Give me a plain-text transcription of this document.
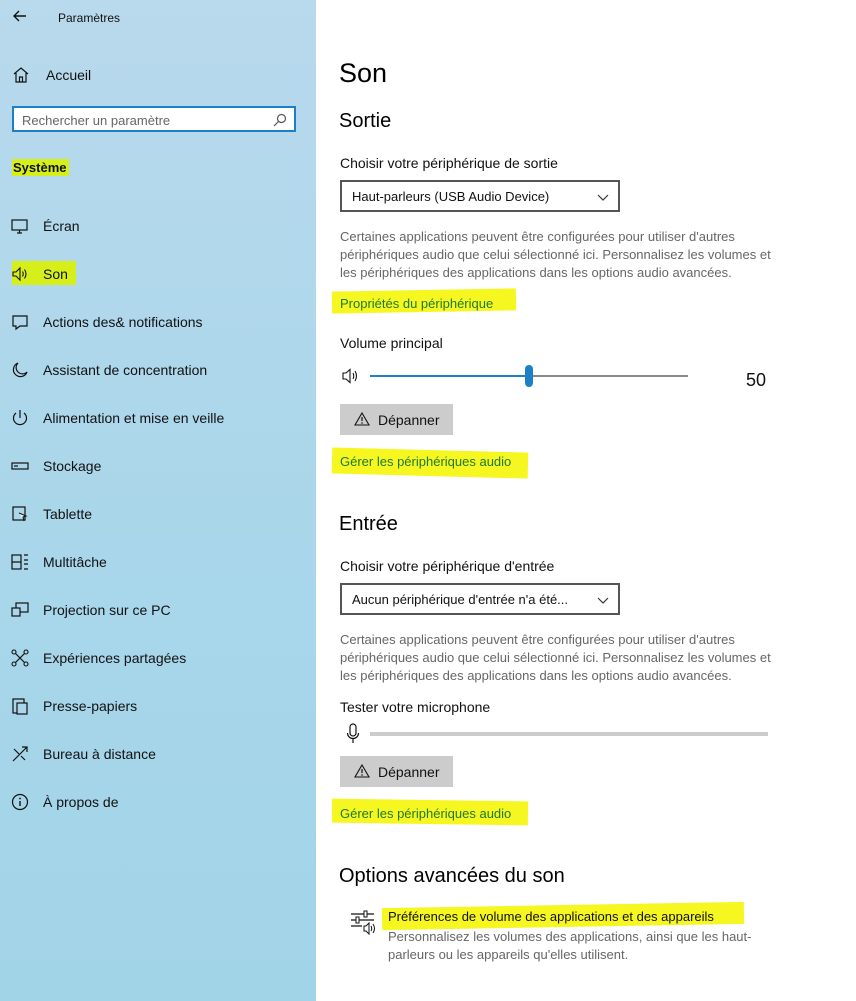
Paramètres
Accueil
Rechercher un paramètre
Système
Écran
Son
Actions des& notifications
Assistant de concentration
Alimentation et mise en veille
Stockage
Tablette
Multitâche
Projection sur ce PC
Expériences partagées
Presse-papiers
Bureau à distance
À propos de
Son
Sortie
Choisir votre périphérique de sortie
Haut-parleurs (USB Audio Device)
Certaines applications peuvent être configurées pour utiliser d'autres périphériques audio que celui sélectionné ici. Personnalisez les volumes et les périphériques des applications dans les options audio avancées.
Propriétés du périphérique
Volume principal
50
Dépanner
Gérer les périphériques audio
Entrée
Choisir votre périphérique d'entrée
Aucun périphérique d'entrée n'a été...
Certaines applications peuvent être configurées pour utiliser d'autres périphériques audio que celui sélectionné ici. Personnalisez les volumes et les périphériques des applications dans les options audio avancées.
Tester votre microphone
Dépanner
Gérer les périphériques audio
Options avancées du son
Préférences de volume des applications et des appareils
Personnalisez les volumes des applications, ainsi que les haut-parleurs ou les appareils qu'elles utilisent.
